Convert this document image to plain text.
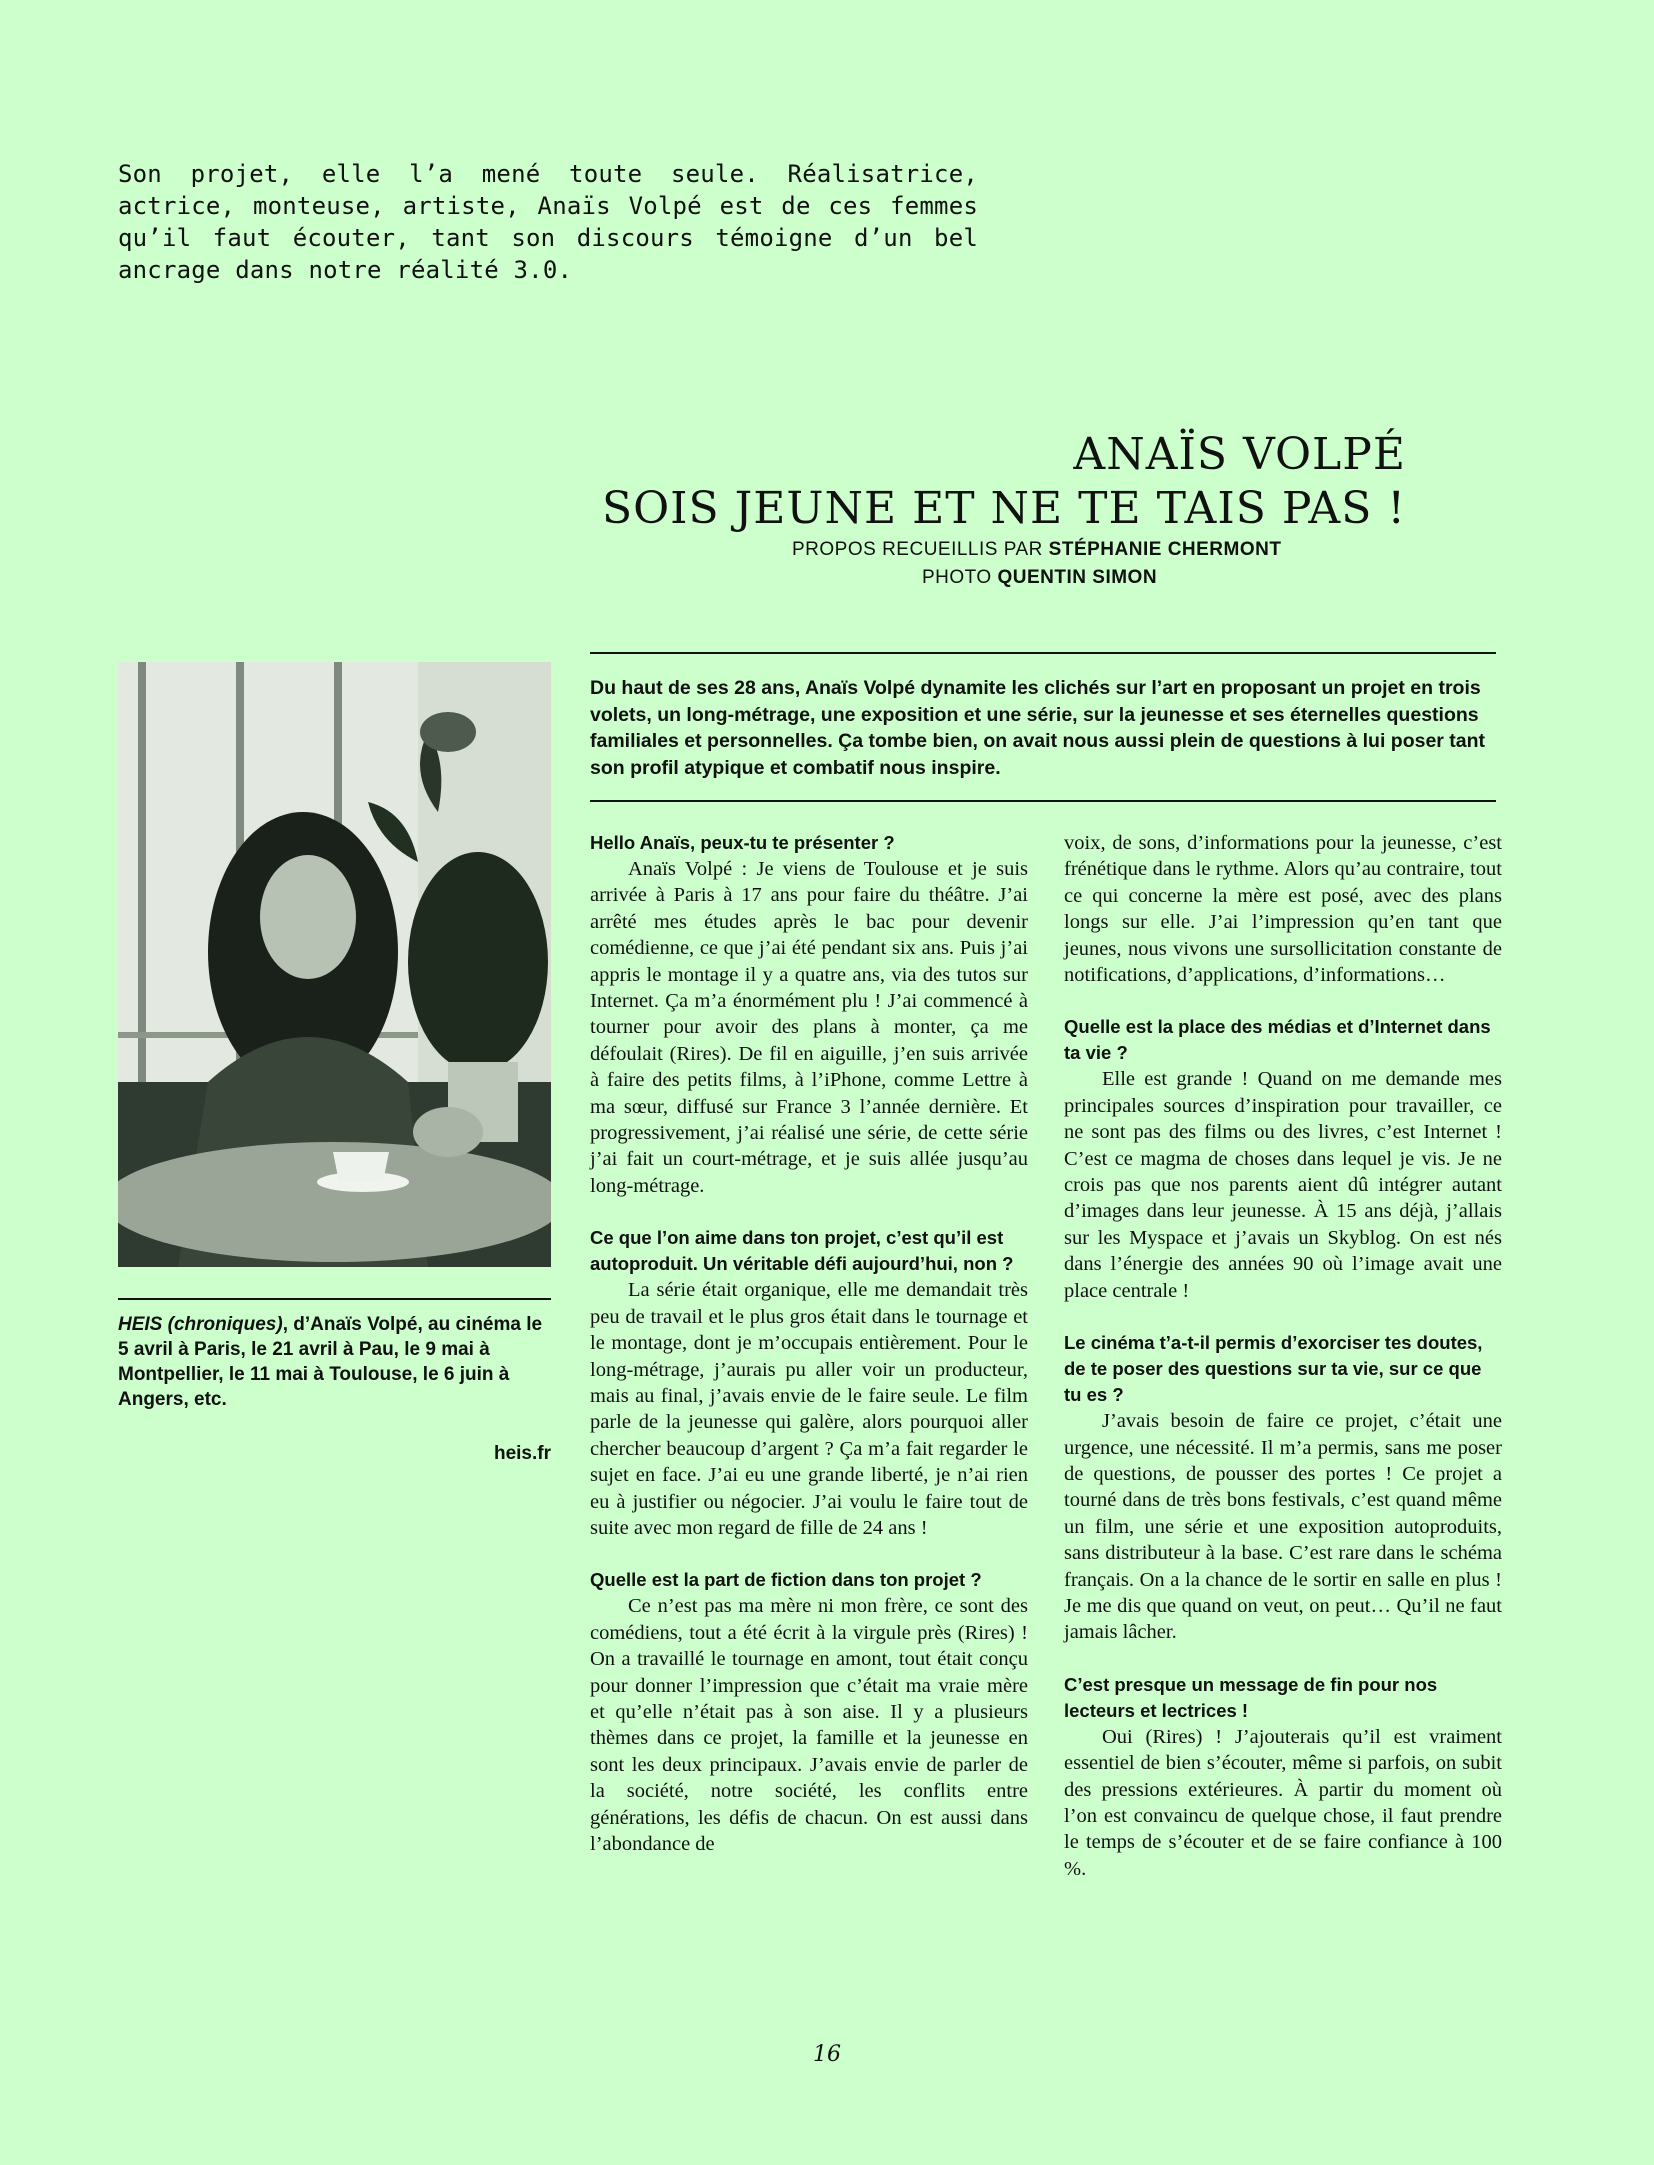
Son projet, elle l’a mené toute seule. Réalisatrice, actrice, monteuse, artiste, Anaïs Volpé est de ces femmes qu’il faut écouter, tant son discours témoigne d’un bel ancrage dans notre réalité 3.0.
ANAÏS VOLPÉ
SOIS JEUNE ET NE TE TAIS PAS !
PROPOS RECUEILLIS PAR STÉPHANIE CHERMONT
PHOTO QUENTIN SIMON
Du haut de ses 28 ans, Anaïs Volpé dynamite les clichés sur l’art en proposant un projet en trois volets, un long-métrage, une exposition et une série, sur la jeunesse et ses éternelles questions familiales et personnelles. Ça tombe bien, on avait nous aussi plein de questions à lui poser tant son profil atypique et combatif nous inspire.
HEIS (chroniques), d’Anaïs Volpé, au cinéma le 5 avril à Paris, le 21 avril à Pau, le 9 mai à Montpellier, le 11 mai à Toulouse, le 6 juin à Angers, etc.
heis.fr
Hello Anaïs, peux-tu te présenter ?

Anaïs Volpé : Je viens de Toulouse et je suis arrivée à Paris à 17 ans pour faire du théâtre. J’ai arrêté mes études après le bac pour devenir comédienne, ce que j’ai été pendant six ans. Puis j’ai appris le montage il y a quatre ans, via des tutos sur Internet. Ça m’a énormément plu ! J’ai commencé à tourner pour avoir des plans à monter, ça me défoulait (Rires). De fil en aiguille, j’en suis arrivée à faire des petits films, à l’iPhone, comme Lettre à ma sœur, diffusé sur France 3 l’année dernière. Et progressivement, j’ai réalisé une série, de cette série j’ai fait un court-métrage, et je suis allée jusqu’au long-métrage.

Ce que l’on aime dans ton projet, c’est qu’il est autoproduit. Un véritable défi aujourd’hui, non ?

La série était organique, elle me demandait très peu de travail et le plus gros était dans le tournage et le montage, dont je m’occupais entièrement. Pour le long-métrage, j’aurais pu aller voir un producteur, mais au final, j’avais envie de le faire seule. Le film parle de la jeunesse qui galère, alors pourquoi aller chercher beaucoup d’argent ? Ça m’a fait regarder le sujet en face. J’ai eu une grande liberté, je n’ai rien eu à justifier ou négocier. J’ai voulu le faire tout de suite avec mon regard de fille de 24 ans !

Quelle est la part de fiction dans ton projet ?

Ce n’est pas ma mère ni mon frère, ce sont des comédiens, tout a été écrit à la virgule près (Rires) ! On a travaillé le tournage en amont, tout était conçu pour donner l’impression que c’était ma vraie mère et qu’elle n’était pas à son aise. Il y a plusieurs thèmes dans ce projet, la famille et la jeunesse en sont les deux principaux. J’avais envie de parler de la société, notre société, les conflits entre générations, les défis de chacun. On est aussi dans l’abondance de

voix, de sons, d’informations pour la jeunesse, c’est frénétique dans le rythme. Alors qu’au contraire, tout ce qui concerne la mère est posé, avec des plans longs sur elle. J’ai l’impression qu’en tant que jeunes, nous vivons une sursollicitation constante de notifications, d’applications, d’informations…

Quelle est la place des médias et d’Internet dans ta vie ?

Elle est grande ! Quand on me demande mes principales sources d’inspiration pour travailler, ce ne sont pas des films ou des livres, c’est Internet ! C’est ce magma de choses dans lequel je vis. Je ne crois pas que nos parents aient dû intégrer autant d’images dans leur jeunesse. À 15 ans déjà, j’allais sur les Myspace et j’avais un Skyblog. On est nés dans l’énergie des années 90 où l’image avait une place centrale !

Le cinéma t’a-t-il permis d’exorciser tes doutes, de te poser des questions sur ta vie, sur ce que tu es ?

J’avais besoin de faire ce projet, c’était une urgence, une nécessité. Il m’a permis, sans me poser de questions, de pousser des portes ! Ce projet a tourné dans de très bons festivals, c’est quand même un film, une série et une exposition autoproduits, sans distributeur à la base. C’est rare dans le schéma français. On a la chance de le sortir en salle en plus ! Je me dis que quand on veut, on peut… Qu’il ne faut jamais lâcher.

C’est presque un message de fin pour nos lecteurs et lectrices !

Oui (Rires) ! J’ajouterais qu’il est vraiment essentiel de bien s’écouter, même si parfois, on subit des pressions extérieures. À partir du moment où l’on est convaincu de quelque chose, il faut prendre le temps de s’écouter et de se faire confiance à 100 %.

16
